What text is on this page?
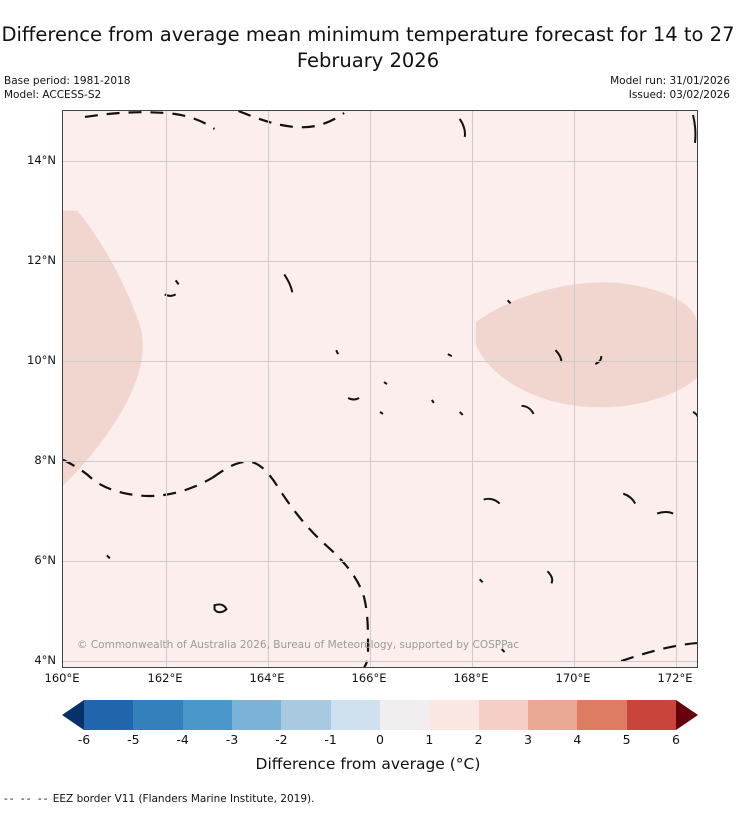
Difference from average mean minimum temperature forecast for 14 to 27 February 2026
Base period: 1981-2018
Model: ACCESS-S2
Model run: 31/01/2026
Issued: 03/02/2026
© Commonwealth of Australia 2026, Bureau of Meteorology, supported by COSPPac
14°N
12°N
10°N
8°N
6°N
4°N
160°E	162°E	164°E	166°E	168°E	170°E	172°E
-6	-5	-4	-3	-2	-1	0	1	2	3	4	5	6
Difference from average (°C)
-- -- -- EEZ border V11 (Flanders Marine Institute, 2019).
